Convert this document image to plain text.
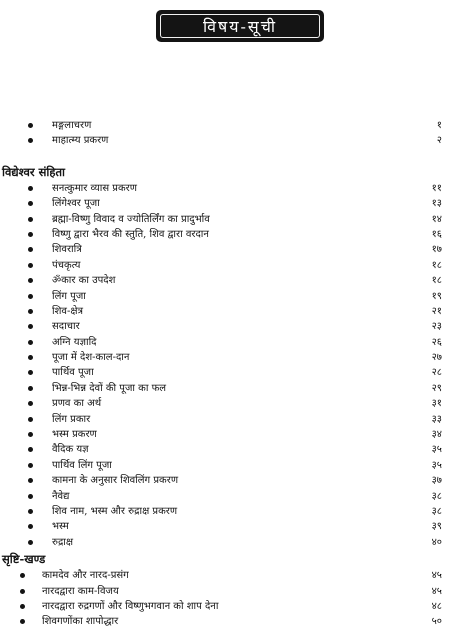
विषय-सूची
मङ्गलाचरण	१
माहात्म्य प्रकरण	२
विद्येश्वर संहिता
सनत्कुमार व्यास प्रकरण	११
लिंगेश्वर पूजा	१३
ब्रह्मा-विष्णु विवाद व ज्योतिर्लिंग का प्रादुर्भाव	१४
विष्णु द्वारा भैरव की स्तुति, शिव द्वारा वरदान	१६
शिवरात्रि	१७
पंचकृत्य	१८
ॐकार का उपदेश	१८
लिंग पूजा	१९
शिव-क्षेत्र	२१
सदाचार	२३
अग्नि यज्ञादि	२६
पूजा में देश-काल-दान	२७
पार्थिव पूजा	२८
भिन्न-भिन्न देवों की पूजा का फल	२९
प्रणव का अर्थ	३१
लिंग प्रकार	३३
भस्म प्रकरण	३४
वैदिक यज्ञ	३५
पार्थिव लिंग पूजा	३५
कामना के अनुसार शिवलिंग प्रकरण	३७
नैवेद्य	३८
शिव नाम, भस्म और रुद्राक्ष प्रकरण	३८
भस्म	३९
रुद्राक्ष	४०
सृष्टि-खण्ड
कामदेव और नारद-प्रसंग	४५
नारदद्वारा काम-विजय	४५
नारदद्वारा रुद्रगणों और विष्णुभगवान को शाप देना	४८
शिवगणोंका शापोद्धार	५०
